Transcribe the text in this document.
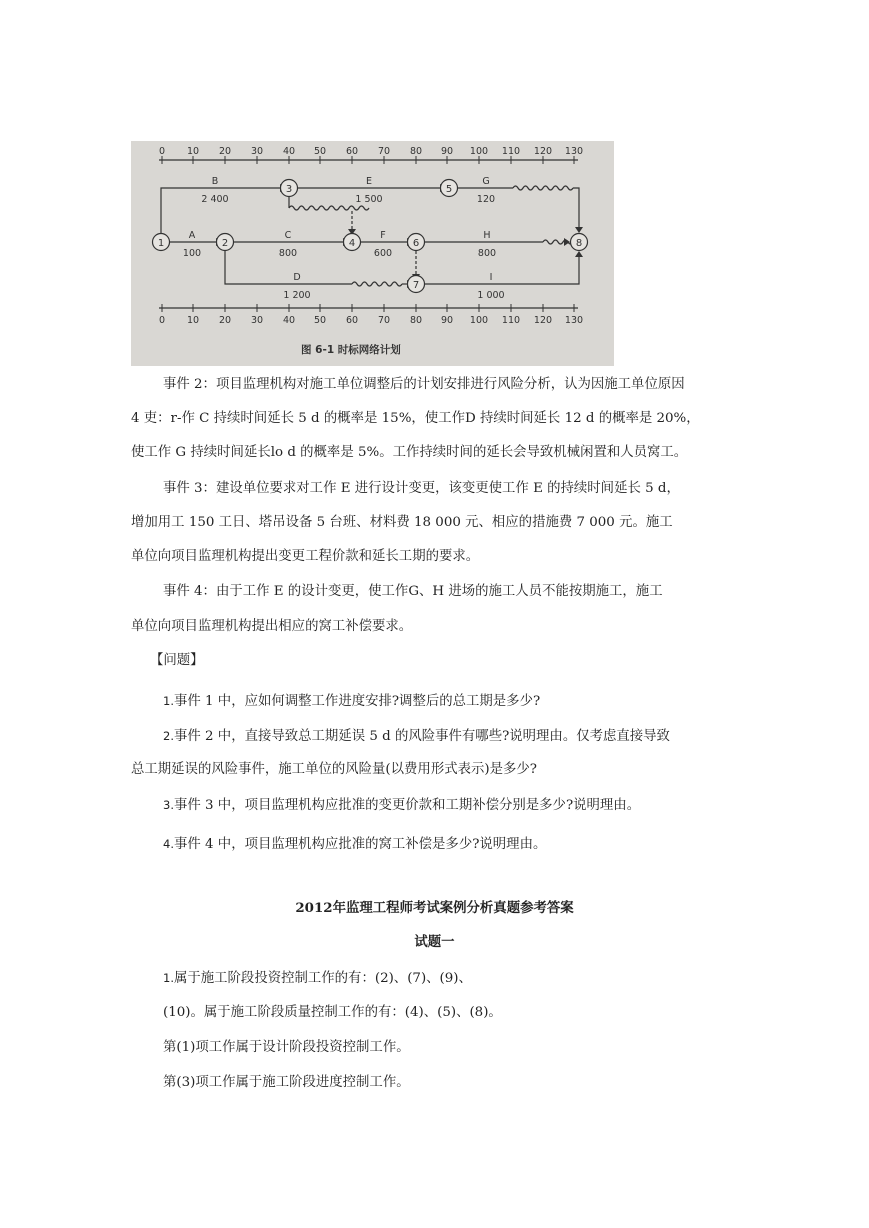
0 10 20 30 40 50 60 70 80 90 100 110 120 130
0 10 20 30 40 50 60 70 80 90 100 110 120 130
1	2
3
4
5
6
7
8
B
2 400
E
1 500
G
120
A
100
C
800
F
600
H
800
D
1 200
I
1 000
图 6-1 时标网络计划
事件 2：项目监理机构对施工单位调整后的计划安排进行风险分析，认为因施工单位原因
4 吏：r-作 C 持续时间延长 5 d 的概率是 15%，使工作D 持续时间延长 12 d 的概率是 20%，
使工作 G 持续时间延长lo d 的概率是 5%。工作持续时间的延长会导致机械闲置和人员窝工。
事件 3：建设单位要求对工作 E 进行设计变更，该变更使工作 E 的持续时间延长 5 d，
增加用工 150 工日、塔吊设备 5 台班、材料费 18 000 元、相应的措施费 7 000 元。施工
单位向项目监理机构提出变更工程价款和延长工期的要求。
事件 4：由于工作 E 的设计变更，使工作G、H 进场的施工人员不能按期施工，施工
单位向项目监理机构提出相应的窝工补偿要求。
【问题】
1.事件 1 中，应如何调整工作进度安排?调整后的总工期是多少?
2.事件 2 中，直接导致总工期延误 5 d 的风险事件有哪些?说明理由。仅考虑直接导致
总工期延误的风险事件，施工单位的风险量(以费用形式表示)是多少?
3.事件 3 中，项目监理机构应批准的变更价款和工期补偿分别是多少?说明理由。
4.事件 4 中，项目监理机构应批准的窝工补偿是多少?说明理由。
2012年监理工程师考试案例分析真题参考答案
试题一
1.属于施工阶段投资控制工作的有：(2)、(7)、(9)、
(10)。属于施工阶段质量控制工作的有：(4)、(5)、(8)。
第(1)项工作属于设计阶段投资控制工作。
第(3)项工作属于施工阶段进度控制工作。
